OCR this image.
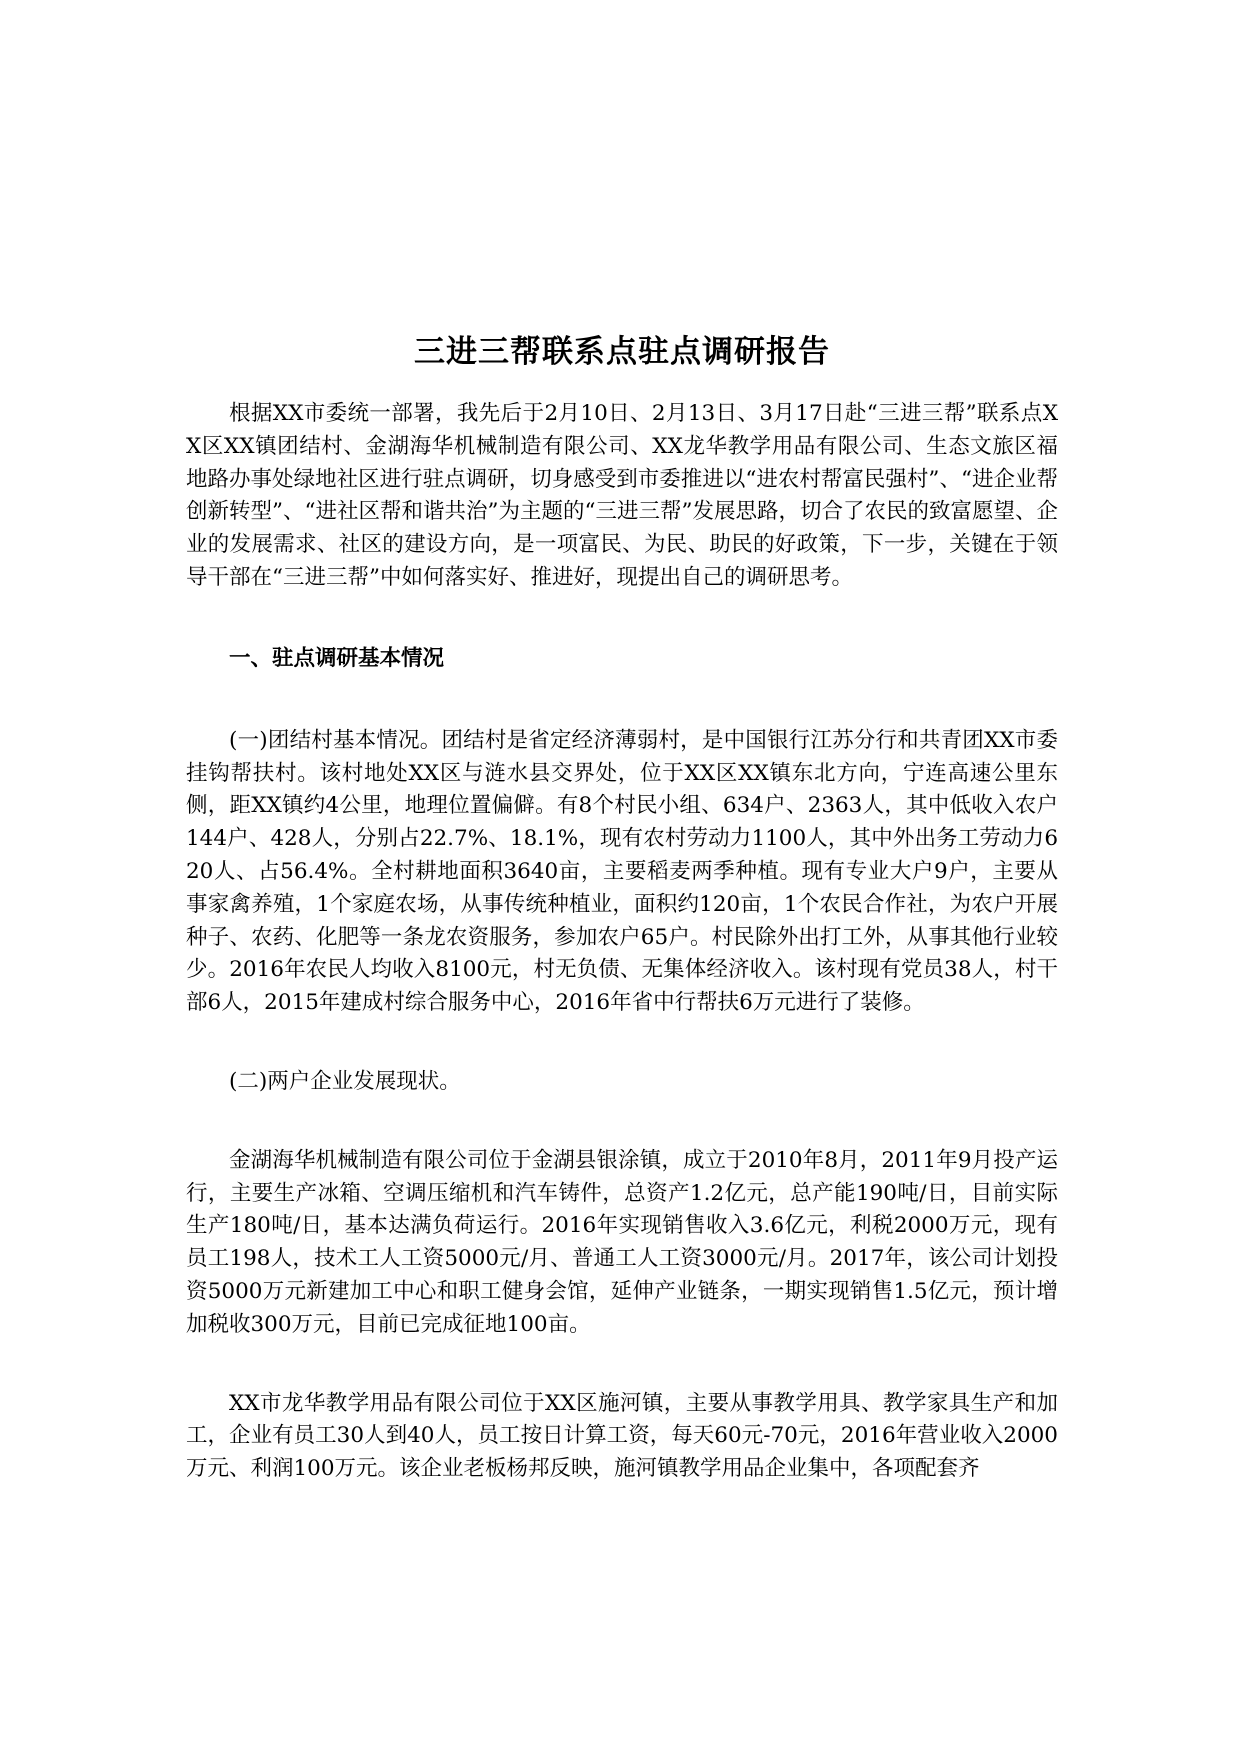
三进三帮联系点驻点调研报告

根据XX市委统一部署，我先后于2月10日、2月13日、3月17日赴“三进三帮”联系点XX区XX镇团结村、金湖海华机械制造有限公司、XX龙华教学用品有限公司、生态文旅区福地路办事处绿地社区进行驻点调研，切身感受到市委推进以“进农村帮富民强村”、“进企业帮创新转型”、“进社区帮和谐共治”为主题的“三进三帮”发展思路，切合了农民的致富愿望、企业的发展需求、社区的建设方向，是一项富民、为民、助民的好政策，下一步，关键在于领导干部在“三进三帮”中如何落实好、推进好，现提出自己的调研思考。

一、驻点调研基本情况

(一)团结村基本情况。团结村是省定经济薄弱村，是中国银行江苏分行和共青团XX市委挂钩帮扶村。该村地处XX区与涟水县交界处，位于XX区XX镇东北方向，宁连高速公里东侧，距XX镇约4公里，地理位置偏僻。有8个村民小组、634户、2363人，其中低收入农户144户、428人，分别占22.7%、18.1%，现有农村劳动力1100人，其中外出务工劳动力620人、占56.4%。全村耕地面积3640亩，主要稻麦两季种植。现有专业大户9户，主要从事家禽养殖，1个家庭农场，从事传统种植业，面积约120亩，1个农民合作社，为农户开展种子、农药、化肥等一条龙农资服务，参加农户65户。村民除外出打工外，从事其他行业较少。2016年农民人均收入8100元，村无负债、无集体经济收入。该村现有党员38人，村干部6人，2015年建成村综合服务中心，2016年省中行帮扶6万元进行了装修。

(二)两户企业发展现状。

金湖海华机械制造有限公司位于金湖县银涂镇，成立于2010年8月，2011年9月投产运行，主要生产冰箱、空调压缩机和汽车铸件，总资产1.2亿元，总产能190吨/日，目前实际生产180吨/日，基本达满负荷运行。2016年实现销售收入3.6亿元，利税2000万元，现有员工198人，技术工人工资5000元/月、普通工人工资3000元/月。2017年，该公司计划投资5000万元新建加工中心和职工健身会馆，延伸产业链条，一期实现销售1.5亿元，预计增加税收300万元，目前已完成征地100亩。

XX市龙华教学用品有限公司位于XX区施河镇，主要从事教学用具、教学家具生产和加工，企业有员工30人到40人，员工按日计算工资，每天60元-70元，2016年营业收入2000万元、利润100万元。该企业老板杨邦反映，施河镇教学用品企业集中，各项配套齐
